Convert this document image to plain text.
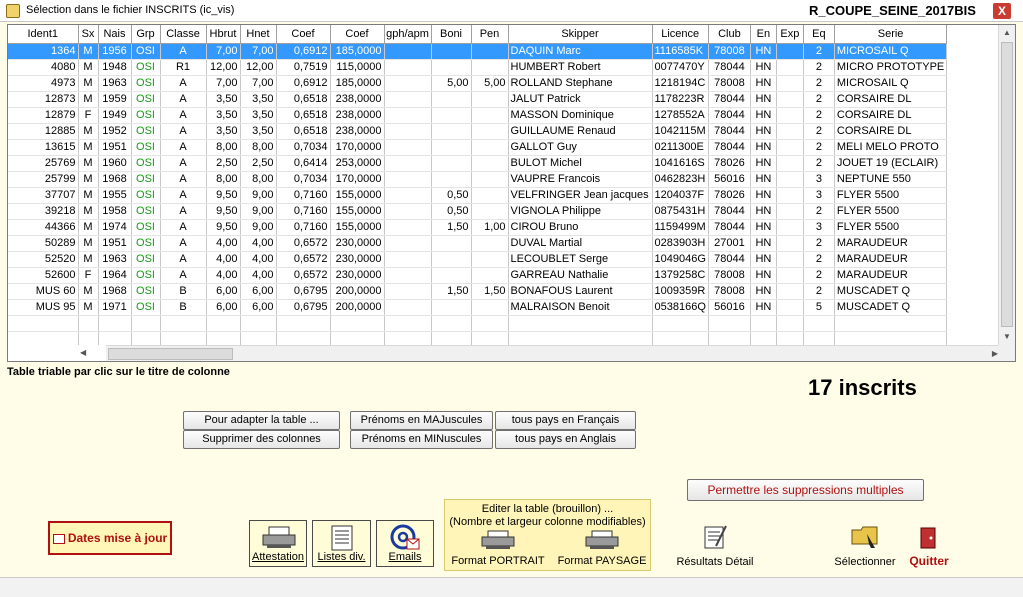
Sélection dans le fichier INSCRITS (ic_vis)	R_COUPE_SEINE_2017BIS	X
Ident1	Sx	Nais	Grp	Classe	Hbrut	Hnet	Coef	Coef	gph/apm	Boni	Pen	Skipper	Licence	Club	En	Exp	Eq	Serie
1364	M	1956	OSI	A	7,00	7,00	0,6912	185,0000				DAQUIN Marc	1116585K	78008	HN		2	MICROSAIL Q
4080	M	1948	OSI	R1	12,00	12,00	0,7519	115,0000				HUMBERT Robert	0077470Y	78044	HN		2	MICRO PROTOTYPE
4973	M	1963	OSI	A	7,00	7,00	0,6912	185,0000		5,00	5,00	ROLLAND Stephane	1218194C	78008	HN		2	MICROSAIL Q
12873	M	1959	OSI	A	3,50	3,50	0,6518	238,0000				JALUT Patrick	1178223R	78044	HN		2	CORSAIRE DL
12879	F	1949	OSI	A	3,50	3,50	0,6518	238,0000				MASSON Dominique	1278552A	78044	HN		2	CORSAIRE DL
12885	M	1952	OSI	A	3,50	3,50	0,6518	238,0000				GUILLAUME Renaud	1042115M	78044	HN		2	CORSAIRE DL
13615	M	1951	OSI	A	8,00	8,00	0,7034	170,0000				GALLOT Guy	0211300E	78044	HN		2	MELI MELO PROTO
25769	M	1960	OSI	A	2,50	2,50	0,6414	253,0000				BULOT Michel	1041616S	78026	HN		2	JOUET 19 (ECLAIR)
25799	M	1968	OSI	A	8,00	8,00	0,7034	170,0000				VAUPRE Francois	0462823H	56016	HN		3	NEPTUNE 550
37707	M	1955	OSI	A	9,50	9,00	0,7160	155,0000		0,50		VELFRINGER Jean jacques	1204037F	78026	HN		3	FLYER 5500
39218	M	1958	OSI	A	9,50	9,00	0,7160	155,0000		0,50		VIGNOLA Philippe	0875431H	78044	HN		2	FLYER 5500
44366	M	1974	OSI	A	9,50	9,00	0,7160	155,0000		1,50	1,00	CIROU Bruno	1159499M	78044	HN		3	FLYER 5500
50289	M	1951	OSI	A	4,00	4,00	0,6572	230,0000				DUVAL Martial	0283903H	27001	HN		2	MARAUDEUR
52520	M	1963	OSI	A	4,00	4,00	0,6572	230,0000				LECOUBLET Serge	1049046G	78044	HN		2	MARAUDEUR
52600	F	1964	OSI	A	4,00	4,00	0,6572	230,0000				GARREAU Nathalie	1379258C	78008	HN		2	MARAUDEUR
MUS 60	M	1968	OSI	B	6,00	6,00	0,6795	200,0000		1,50	1,50	BONAFOUS Laurent	1009359R	78008	HN		2	MUSCADET Q
MUS 95	M	1971	OSI	B	6,00	6,00	0,6795	200,0000				MALRAISON Benoit	0538166Q	56016	HN		5	MUSCADET Q

▲
▼
◀	▶
Table triable par clic sur le titre de colonne
17 inscrits
Pour adapter la table ...
Supprimer des colonnes
Prénoms en MAJuscules
Prénoms en MINuscules
tous pays en Français
tous pays en Anglais
Permettre les suppressions multiples
Dates mise à jour
Attestation	Listes div.	Emails
Editer la table (brouillon) ...
(Nombre et largeur colonne modifiables)
Format PORTRAIT	Format PAYSAGE	Résultats Détail	Sélectionner	Quitter
